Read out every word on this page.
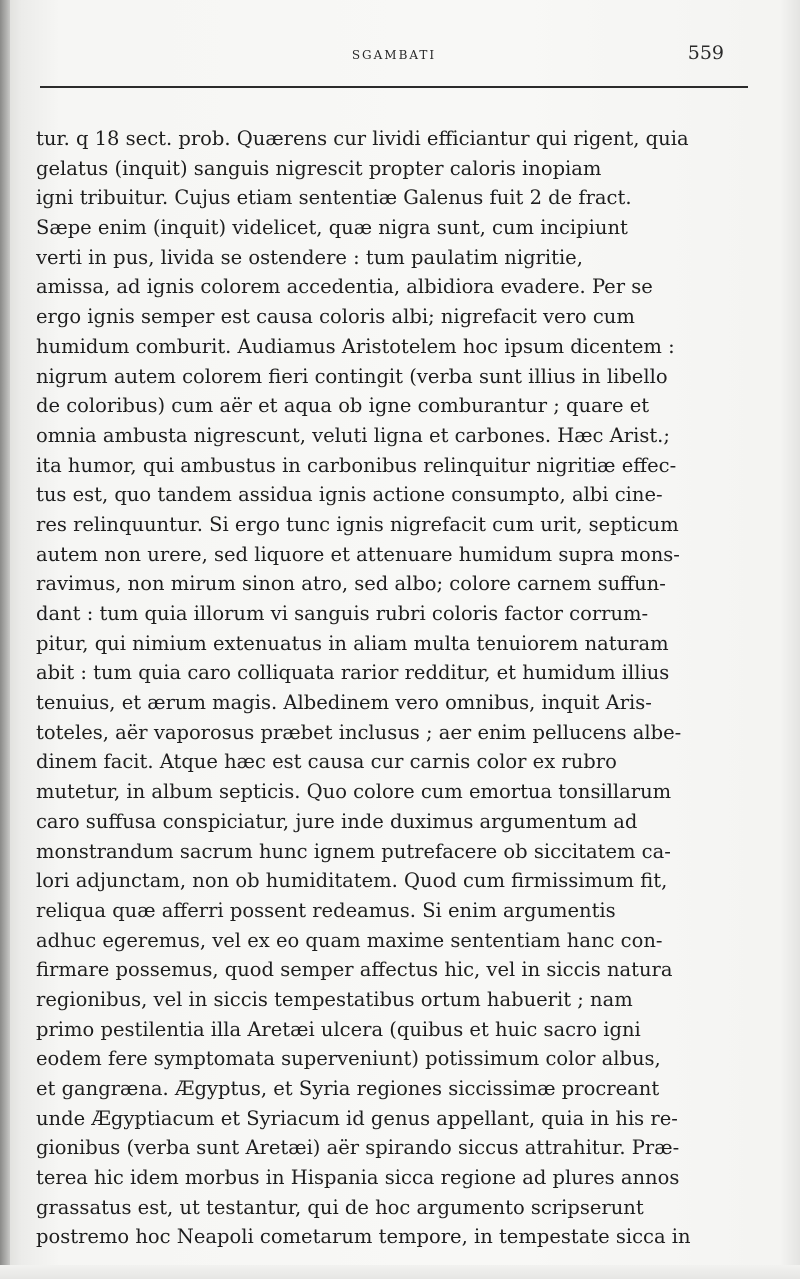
SGAMBATI	559
tur. q 18 sect. prob. Quærens cur lividi efficiantur qui rigent, quia
gelatus (inquit) sanguis nigrescit propter caloris inopiam
igni tribuitur. Cujus etiam sententiæ Galenus fuit 2 de fract.
Sæpe enim (inquit) videlicet, quæ nigra sunt, cum incipiunt
verti in pus, livida se ostendere : tum paulatim nigritie,
amissa, ad ignis colorem accedentia, albidiora evadere. Per se
ergo ignis semper est causa coloris albi; nigrefacit vero cum
humidum comburit. Audiamus Aristotelem hoc ipsum dicentem :
nigrum autem colorem fieri contingit (verba sunt illius in libello
de coloribus) cum aër et aqua ob igne comburantur ; quare et
omnia ambusta nigrescunt, veluti ligna et carbones. Hæc Arist.;
ita humor, qui ambustus in carbonibus relinquitur nigritiæ effec-
tus est, quo tandem assidua ignis actione consumpto, albi cine-
res relinquuntur. Si ergo tunc ignis nigrefacit cum urit, septicum
autem non urere, sed liquore et attenuare humidum supra mons-
ravimus, non mirum sinon atro, sed albo; colore carnem suffun-
dant : tum quia illorum vi sanguis rubri coloris factor corrum-
pitur, qui nimium extenuatus in aliam multa tenuiorem naturam
abit : tum quia caro colliquata rarior redditur, et humidum illius
tenuius, et ærum magis. Albedinem vero omnibus, inquit Aris-
toteles, aër vaporosus præbet inclusus ; aer enim pellucens albe-
dinem facit. Atque hæc est causa cur carnis color ex rubro
mutetur, in album septicis. Quo colore cum emortua tonsillarum
caro suffusa conspiciatur, jure inde duximus argumentum ad
monstrandum sacrum hunc ignem putrefacere ob siccitatem ca-
lori adjunctam, non ob humiditatem. Quod cum firmissimum fit,
reliqua quæ afferri possent redeamus. Si enim argumentis
adhuc egeremus, vel ex eo quam maxime sententiam hanc con-
firmare possemus, quod semper affectus hic, vel in siccis natura
regionibus, vel in siccis tempestatibus ortum habuerit ; nam
primo pestilentia illa Aretæi ulcera (quibus et huic sacro igni
eodem fere symptomata superveniunt) potissimum color albus,
et gangræna. Ægyptus, et Syria regiones siccissimæ procreant
unde Ægyptiacum et Syriacum id genus appellant, quia in his re-
gionibus (verba sunt Aretæi) aër spirando siccus attrahitur. Præ-
terea hic idem morbus in Hispania sicca regione ad plures annos
grassatus est, ut testantur, qui de hoc argumento scripserunt
postremo hoc Neapoli cometarum tempore, in tempestate sicca in
